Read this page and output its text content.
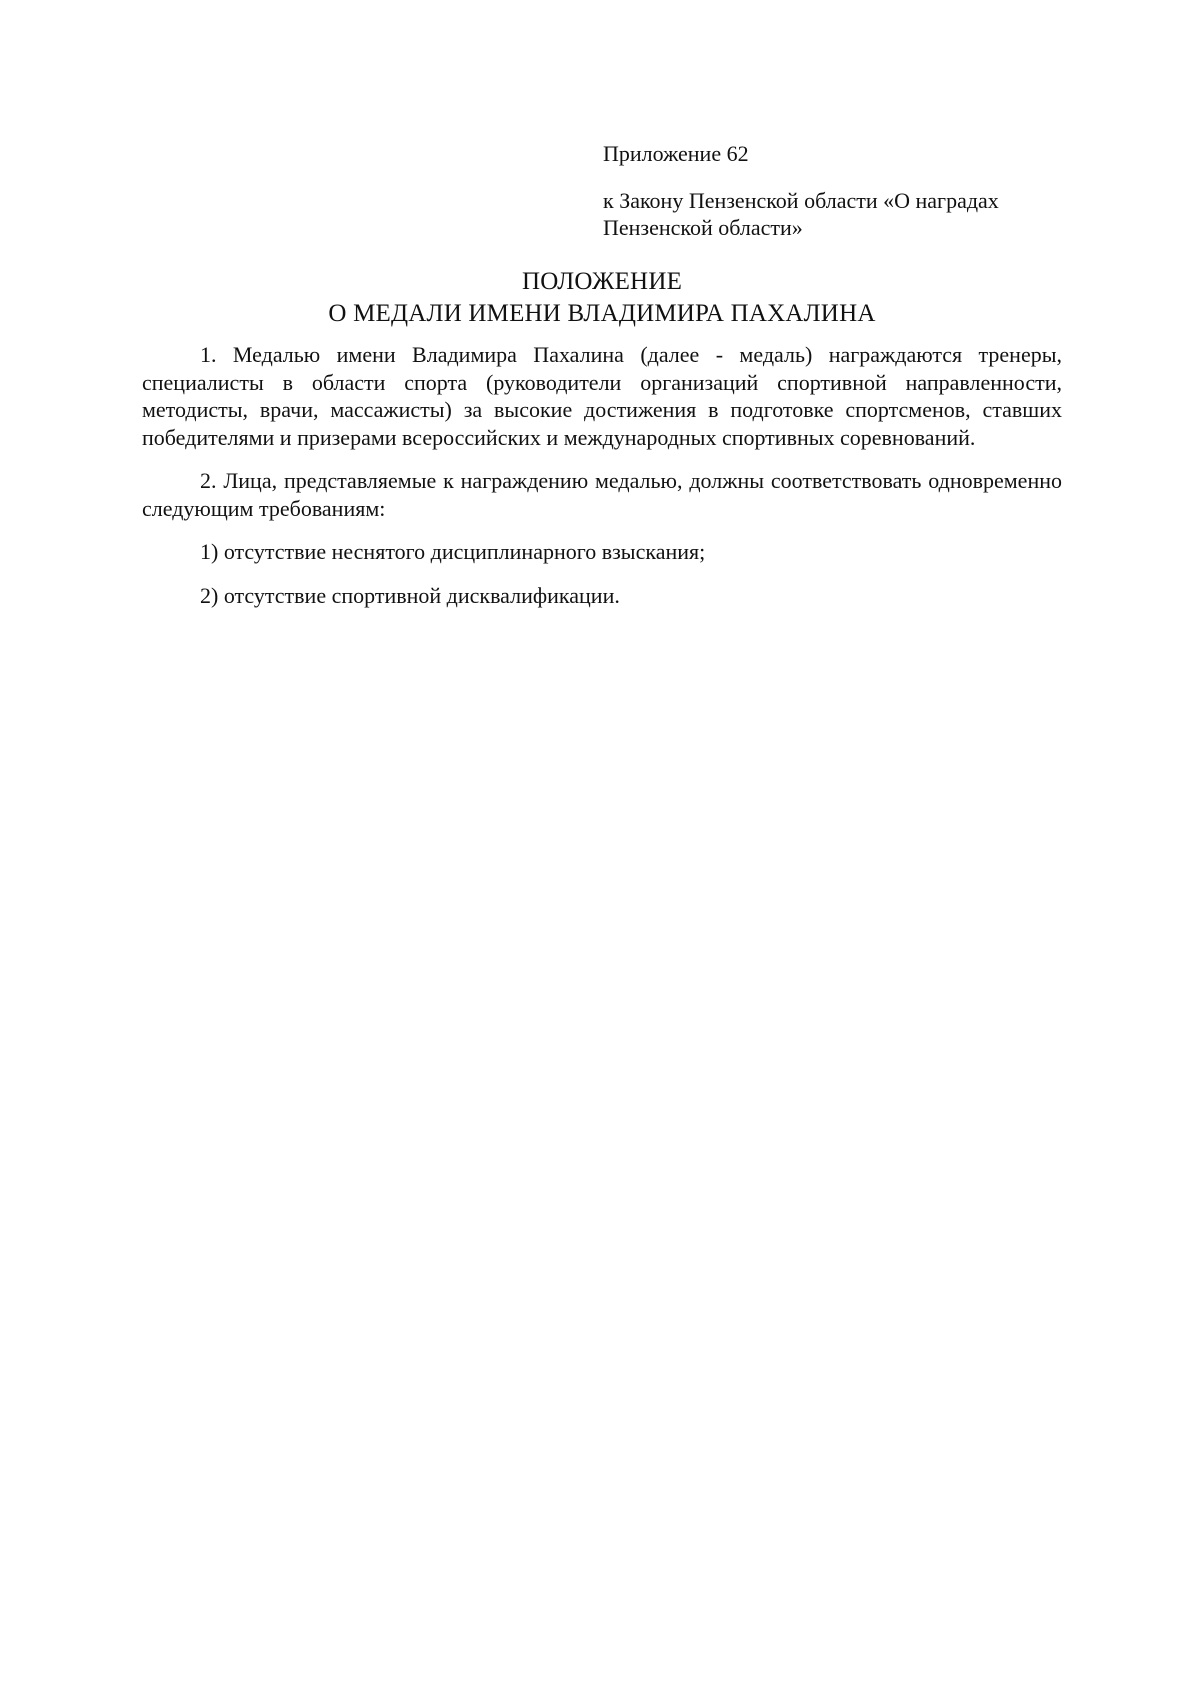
Приложение 62

к Закону Пензенской области «О наградах Пензенской области»

ПОЛОЖЕНИЕ
О МЕДАЛИ ИМЕНИ ВЛАДИМИРА ПАХАЛИНА

1. Медалью имени Владимира Пахалина (далее - медаль) награждаются тренеры, специалисты в области спорта (руководители организаций спортивной направленности, методисты, врачи, массажисты) за высокие достижения в подготовке спортсменов, ставших победителями и призерами всероссийских и международных спортивных соревнований.

2. Лица, представляемые к награждению медалью, должны соответствовать одновременно следующим требованиям:

1) отсутствие неснятого дисциплинарного взыскания;

2) отсутствие спортивной дисквалификации.
